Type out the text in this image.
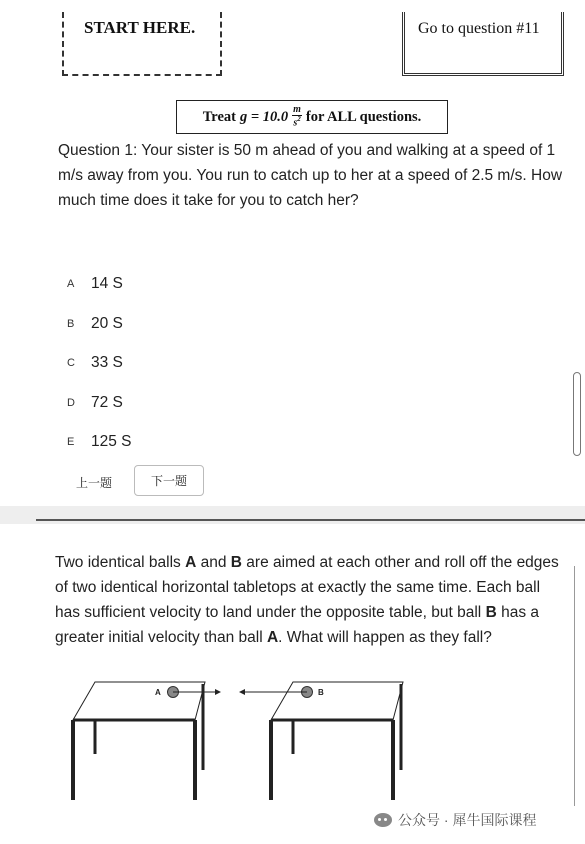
START HERE.	Go to question #11
Treat $g = 10.0 \frac{m}{s^2}$ for ALL questions.
Question 1: Your sister is 50 m ahead of you and walking at a speed of 1 m/s away from you. You run to catch up to her at a speed of 2.5 m/s. How much time does it take for you to catch her?
A	14 S
B	20 S
C	33 S
D	72 S
E	125 S
上一题	下一题
Two identical balls A and B are aimed at each other and roll off the edges of two identical horizontal tabletops at exactly the same time. Each ball has sufficient velocity to land under the opposite table, but ball B has a greater initial velocity than ball A. What will happen as they fall?
A	B
公众号 · 犀牛国际课程
